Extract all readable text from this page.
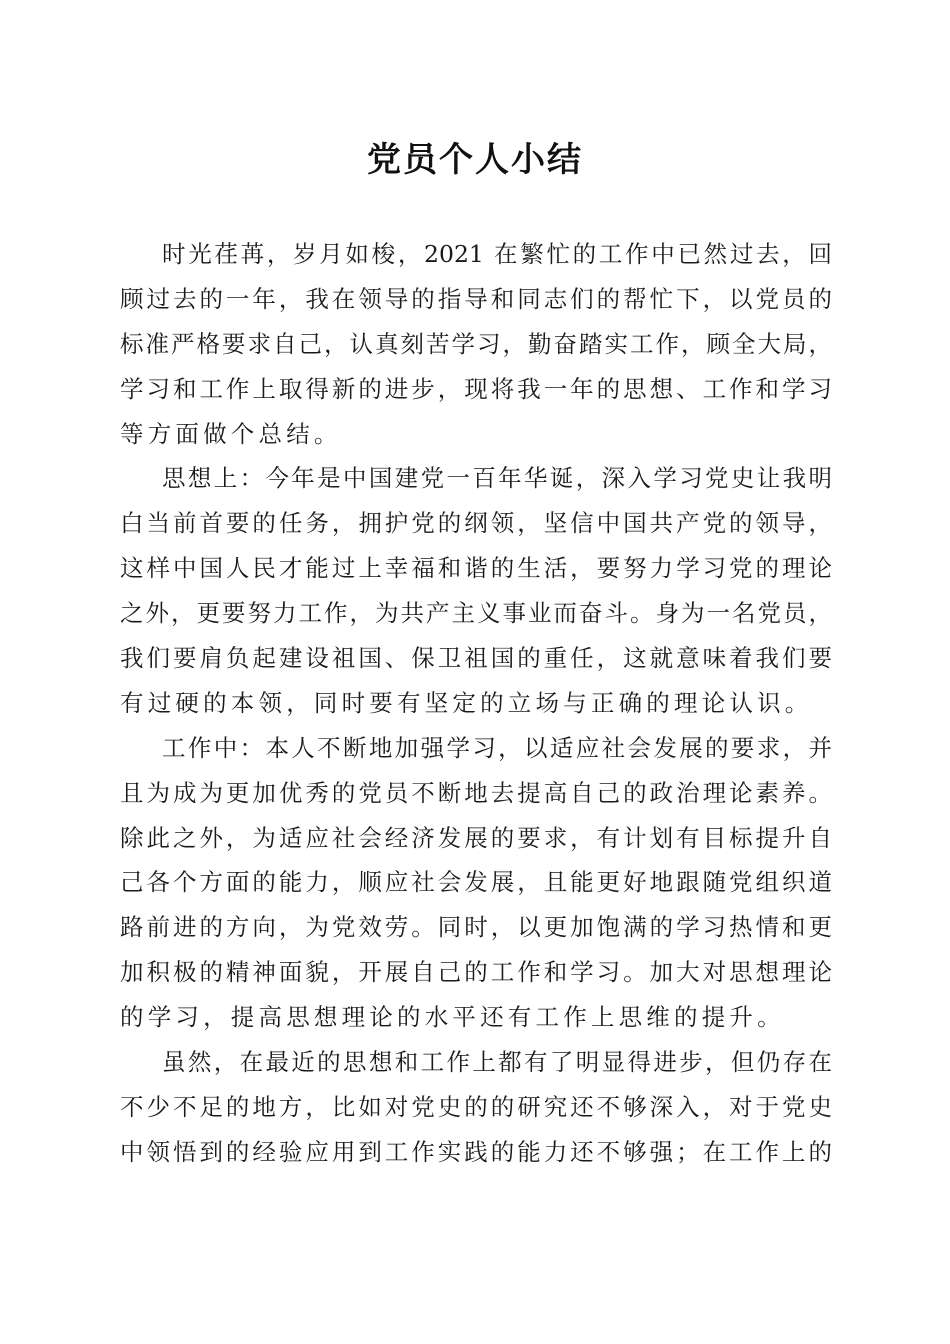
党员个人小结
时光荏苒，岁月如梭，2021 在繁忙的工作中已然过去，回
顾过去的一年，我在领导的指导和同志们的帮忙下，以党员的
标准严格要求自己，认真刻苦学习，勤奋踏实工作，顾全大局，
学习和工作上取得新的进步，现将我一年的思想、工作和学习
等方面做个总结。
思想上：今年是中国建党一百年华诞，深入学习党史让我明
白当前首要的任务，拥护党的纲领，坚信中国共产党的领导，
这样中国人民才能过上幸福和谐的生活，要努力学习党的理论
之外，更要努力工作，为共产主义事业而奋斗。身为一名党员，
我们要肩负起建设祖国、保卫祖国的重任，这就意味着我们要
有过硬的本领，同时要有坚定的立场与正确的理论认识。
工作中：本人不断地加强学习，以适应社会发展的要求，并
且为成为更加优秀的党员不断地去提高自己的政治理论素养。
除此之外，为适应社会经济发展的要求，有计划有目标提升自
己各个方面的能力，顺应社会发展，且能更好地跟随党组织道
路前进的方向，为党效劳。同时，以更加饱满的学习热情和更
加积极的精神面貌，开展自己的工作和学习。加大对思想理论
的学习，提高思想理论的水平还有工作上思维的提升。
虽然，在最近的思想和工作上都有了明显得进步，但仍存在
不少不足的地方，比如对党史的的研究还不够深入，对于党史
中领悟到的经验应用到工作实践的能力还不够强；在工作上的
